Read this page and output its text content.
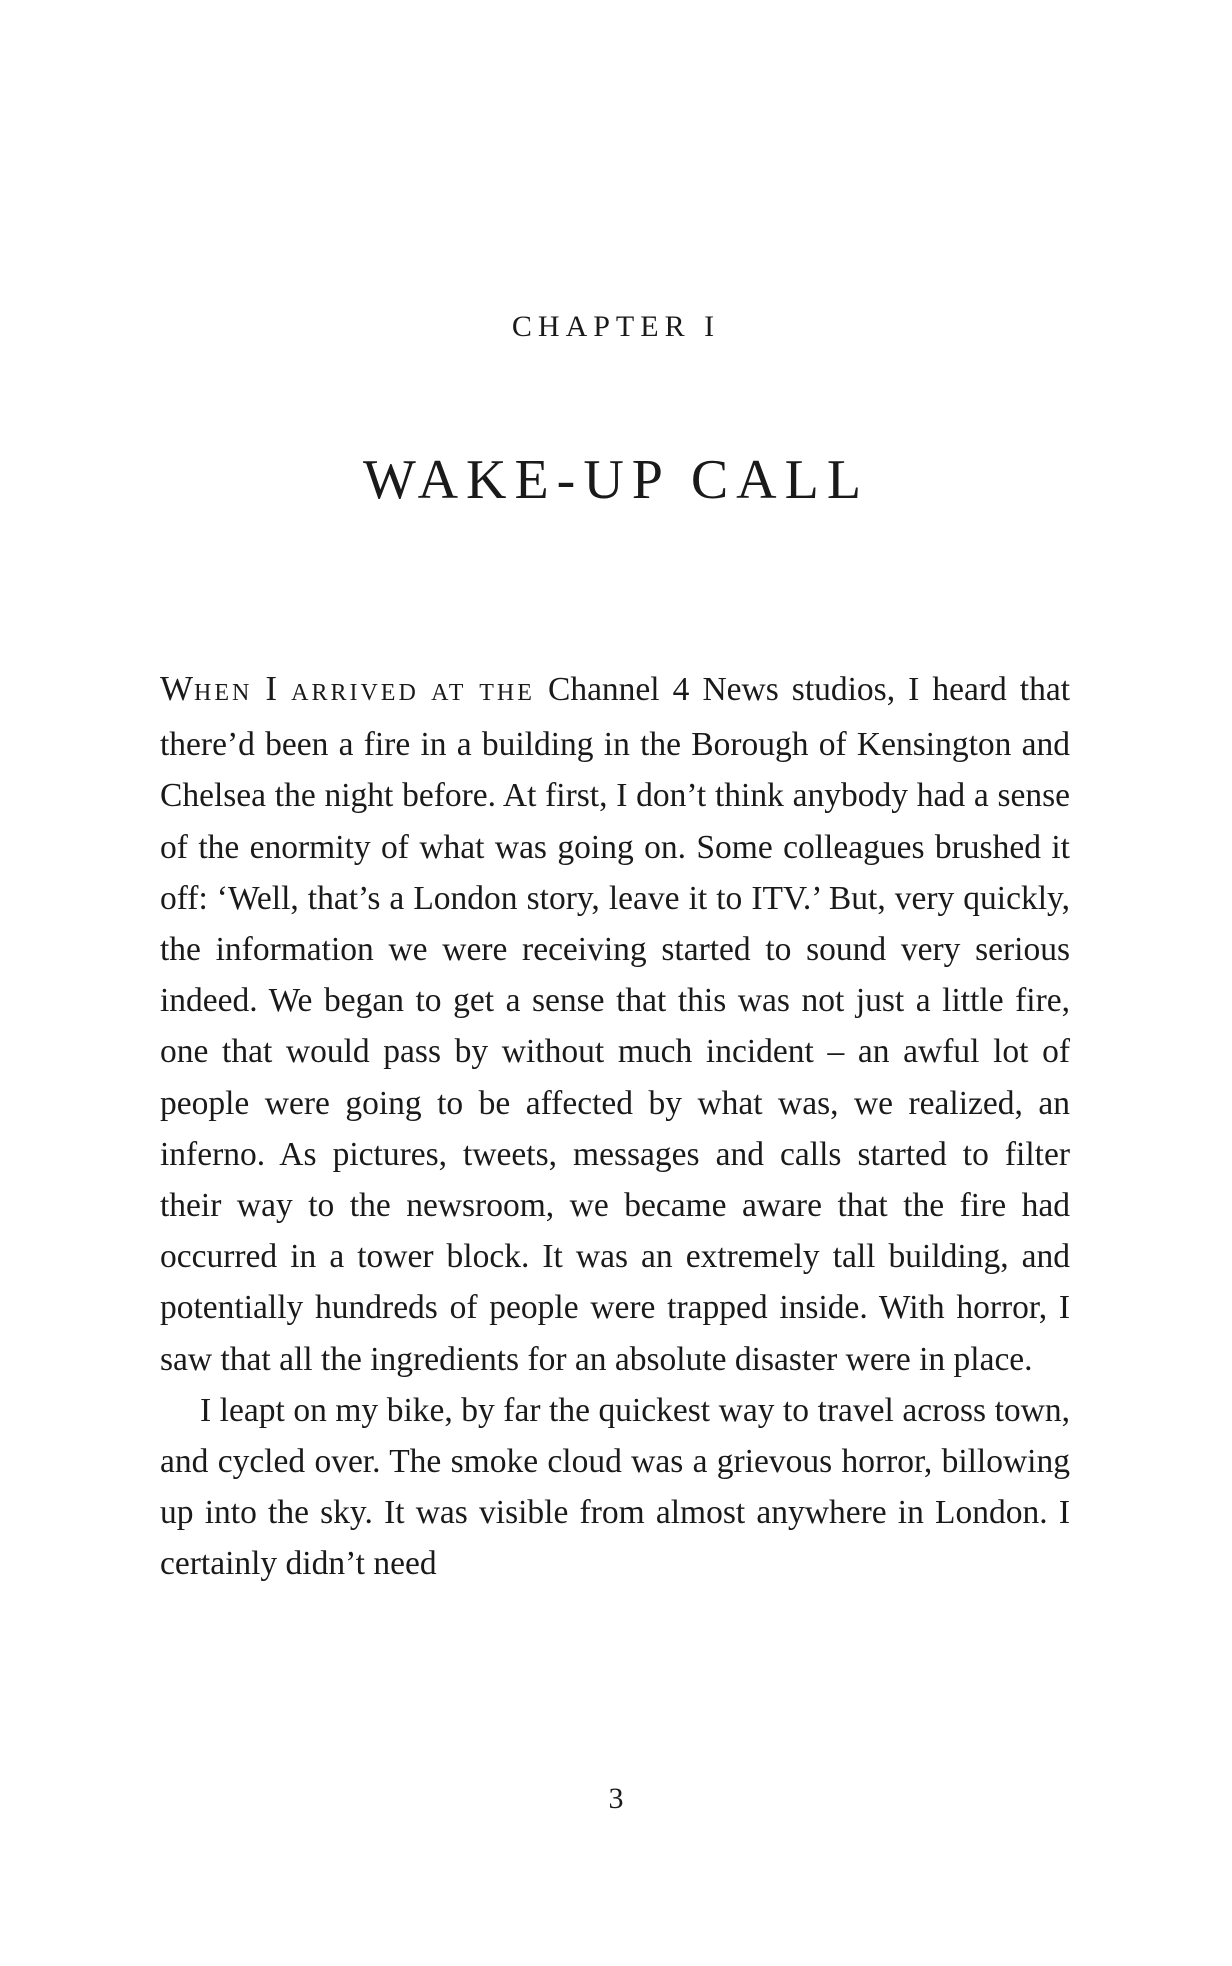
CHAPTER I
WAKE-UP CALL

WHEN I ARRIVED AT THE Channel 4 News studios, I heard that there’d been a fire in a building in the Borough of Kensington and Chelsea the night before. At first, I don’t think anybody had a sense of the enormity of what was going on. Some colleagues brushed it off: ‘Well, that’s a London story, leave it to ITV.’ But, very quickly, the information we were receiving started to sound very serious indeed. We began to get a sense that this was not just a little fire, one that would pass by without much incident – an awful lot of people were going to be affected by what was, we realized, an inferno. As pictures, tweets, messages and calls started to filter their way to the newsroom, we became aware that the fire had occurred in a tower block. It was an extremely tall building, and potentially hundreds of people were trapped inside. With horror, I saw that all the ingredients for an absolute disaster were in place.

I leapt on my bike, by far the quickest way to travel across town, and cycled over. The smoke cloud was a grievous horror, billowing up into the sky. It was visible from almost anywhere in London. I certainly didn’t need

3
